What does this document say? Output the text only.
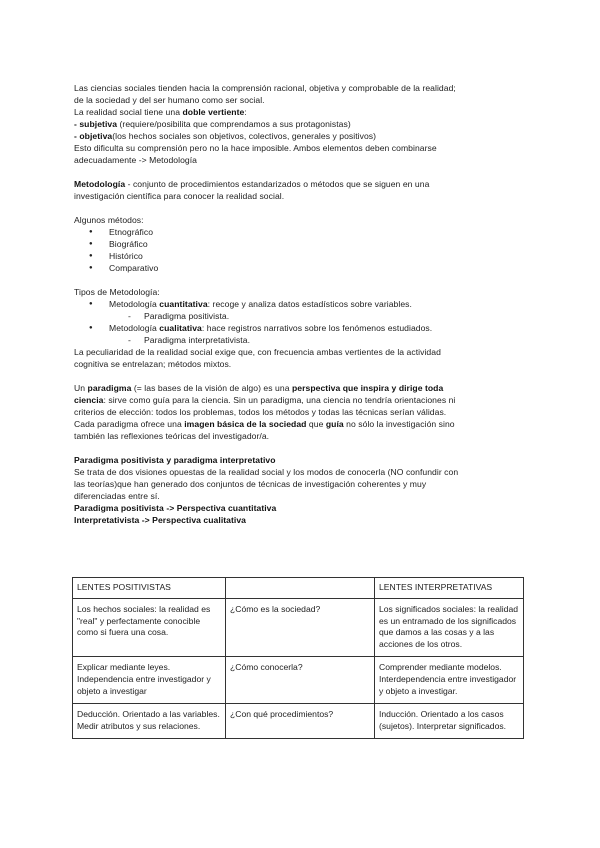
Las ciencias sociales tienden hacia la comprensión racional, objetiva y comprobable de la realidad;

de la sociedad y del ser humano como ser social.

La realidad social tiene una doble vertiente:

- subjetiva (requiere/posibilita que comprendamos a sus protagonistas)

- objetiva(los hechos sociales son objetivos, colectivos, generales y positivos)

Esto dificulta su comprensión pero no la hace imposible. Ambos elementos deben combinarse

adecuadamente -> Metodología

Metodología - conjunto de procedimientos estandarizados o métodos que se siguen en una

investigación científica para conocer la realidad social.

Algunos métodos:

● Etnográfico
● Biográfico
● Histórico
● Comparativo

Tipos de Metodología:

● Metodología cuantitativa: recoge y analiza datos estadísticos sobre variables.
- Paradigma positivista.
● Metodología cualitativa: hace registros narrativos sobre los fenómenos estudiados.
- Paradigma interpretativista.

La peculiaridad de la realidad social exige que, con frecuencia ambas vertientes de la actividad

cognitiva se entrelazan; métodos mixtos.

Un paradigma (= las bases de la visión de algo) es una perspectiva que inspira y dirige toda

ciencia: sirve como guía para la ciencia. Sin un paradigma, una ciencia no tendría orientaciones ni

criterios de elección: todos los problemas, todos los métodos y todas las técnicas serían válidas.

Cada paradigma ofrece una imagen básica de la sociedad que guía no sólo la investigación sino

también las reflexiones teóricas del investigador/a.

Paradigma positivista y paradigma interpretativo

Se trata de dos visiones opuestas de la realidad social y los modos de conocerla (NO confundir con

las teorías)que han generado dos conjuntos de técnicas de investigación coherentes y muy

diferenciadas entre sí.

Paradigma positivista -> Perspectiva cuantitativa

Interpretativista -> Perspectiva cualitativa

LENTES POSITIVISTAS		LENTES INTERPRETATIVAS
Los hechos sociales: la realidad es "real" y perfectamente conocible como si fuera una cosa.	¿Cómo es la sociedad?	Los significados sociales: la realidad es un entramado de los significados que damos a las cosas y a las acciones de los otros.
Explicar mediante leyes. Independencia entre investigador y objeto a investigar	¿Cómo conocerla?	Comprender mediante modelos. Interdependencia entre investigador y objeto a investigar.
Deducción. Orientado a las variables. Medir atributos y sus relaciones.	¿Con qué procedimientos?	Inducción. Orientado a los casos (sujetos). Interpretar significados.
